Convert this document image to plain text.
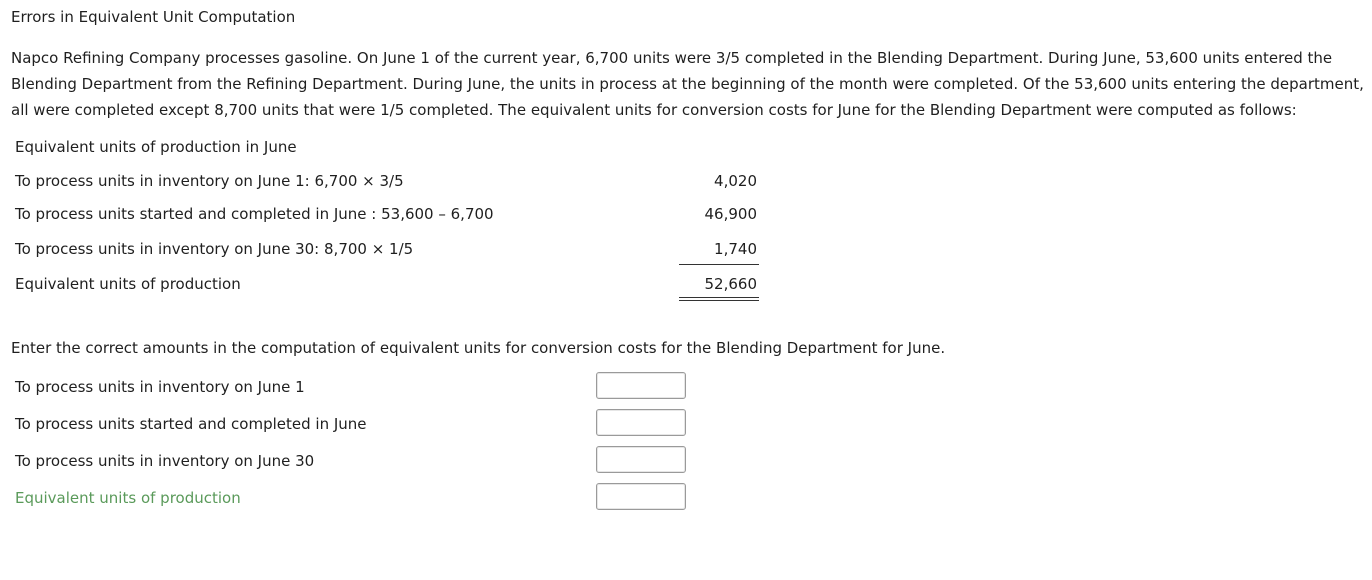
Errors in Equivalent Unit Computation
Napco Refining Company processes gasoline. On June 1 of the current year, 6,700 units were 3/5 completed in the Blending Department. During June, 53,600 units entered the
Blending Department from the Refining Department. During June, the units in process at the beginning of the month were completed. Of the 53,600 units entering the department,
all were completed except 8,700 units that were 1/5 completed. The equivalent units for conversion costs for June for the Blending Department were computed as follows:
Equivalent units of production in June
To process units in inventory on June 1: 6,700 × 3/5	4,020
To process units started and completed in June : 53,600 – 6,700	46,900
To process units in inventory on June 30: 8,700 × 1/5	1,740
Equivalent units of production	52,660
Enter the correct amounts in the computation of equivalent units for conversion costs for the Blending Department for June.
To process units in inventory on June 1
To process units started and completed in June
To process units in inventory on June 30
Equivalent units of production
